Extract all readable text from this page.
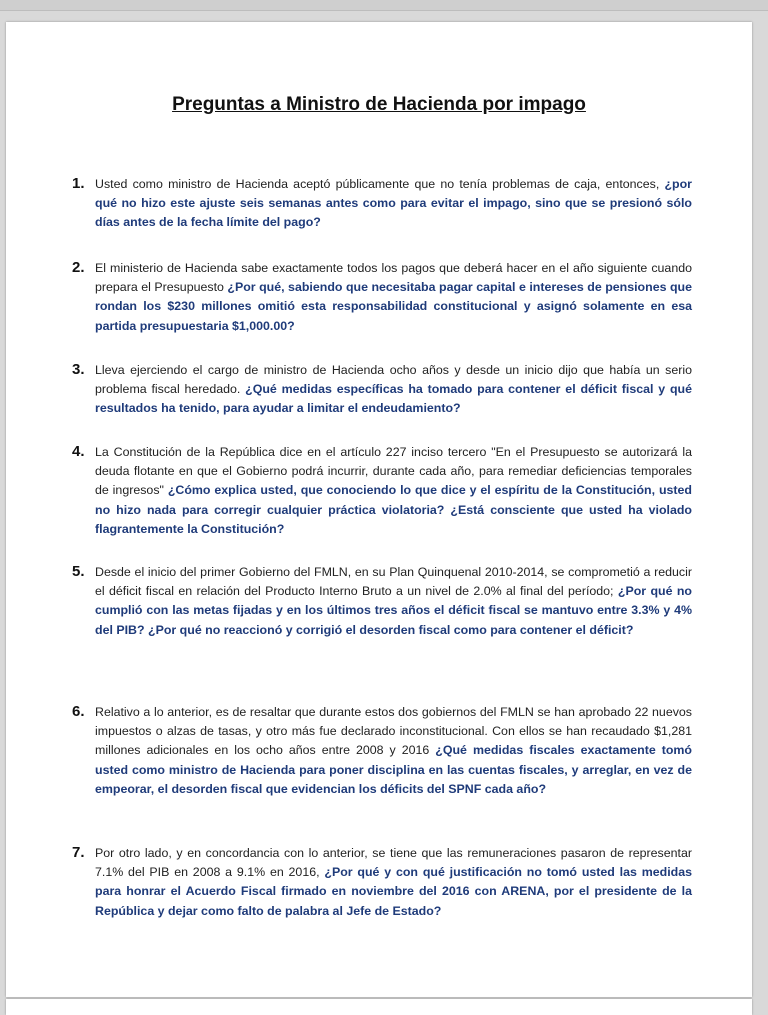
Preguntas a Ministro de Hacienda por impago
1. Usted como ministro de Hacienda aceptó públicamente que no tenía problemas de caja, entonces, ¿por qué no hizo este ajuste seis semanas antes como para evitar el impago, sino que se presionó sólo días antes de la fecha límite del pago?
2. El ministerio de Hacienda sabe exactamente todos los pagos que deberá hacer en el año siguiente cuando prepara el Presupuesto ¿Por qué, sabiendo que necesitaba pagar capital e intereses de pensiones que rondan los $230 millones omitió esta responsabilidad constitucional y asignó solamente en esa partida presupuestaria $1,000.00?
3. Lleva ejerciendo el cargo de ministro de Hacienda ocho años y desde un inicio dijo que había un serio problema fiscal heredado. ¿Qué medidas específicas ha tomado para contener el déficit fiscal y qué resultados ha tenido, para ayudar a limitar el endeudamiento?
4. La Constitución de la República dice en el artículo 227 inciso tercero "En el Presupuesto se autorizará la deuda flotante en que el Gobierno podrá incurrir, durante cada año, para remediar deficiencias temporales de ingresos" ¿Cómo explica usted, que conociendo lo que dice y el espíritu de la Constitución, usted no hizo nada para corregir cualquier práctica violatoria? ¿Está consciente que usted ha violado flagrantemente la Constitución?
5. Desde el inicio del primer Gobierno del FMLN, en su Plan Quinquenal 2010-2014, se comprometió a reducir el déficit fiscal en relación del Producto Interno Bruto a un nivel de 2.0% al final del período; ¿Por qué no cumplió con las metas fijadas y en los últimos tres años el déficit fiscal se mantuvo entre 3.3% y 4% del PIB? ¿Por qué no reaccionó y corrigió el desorden fiscal como para contener el déficit?
6. Relativo a lo anterior, es de resaltar que durante estos dos gobiernos del FMLN se han aprobado 22 nuevos impuestos o alzas de tasas, y otro más fue declarado inconstitucional. Con ellos se han recaudado $1,281 millones adicionales en los ocho años entre 2008 y 2016 ¿Qué medidas fiscales exactamente tomó usted como ministro de Hacienda para poner disciplina en las cuentas fiscales, y arreglar, en vez de empeorar, el desorden fiscal que evidencian los déficits del SPNF cada año?
7. Por otro lado, y en concordancia con lo anterior, se tiene que las remuneraciones pasaron de representar 7.1% del PIB en 2008 a 9.1% en 2016, ¿Por qué y con qué justificación no tomó usted las medidas para honrar el Acuerdo Fiscal firmado en noviembre del 2016 con ARENA, por el presidente de la República y dejar como falto de palabra al Jefe de Estado?
